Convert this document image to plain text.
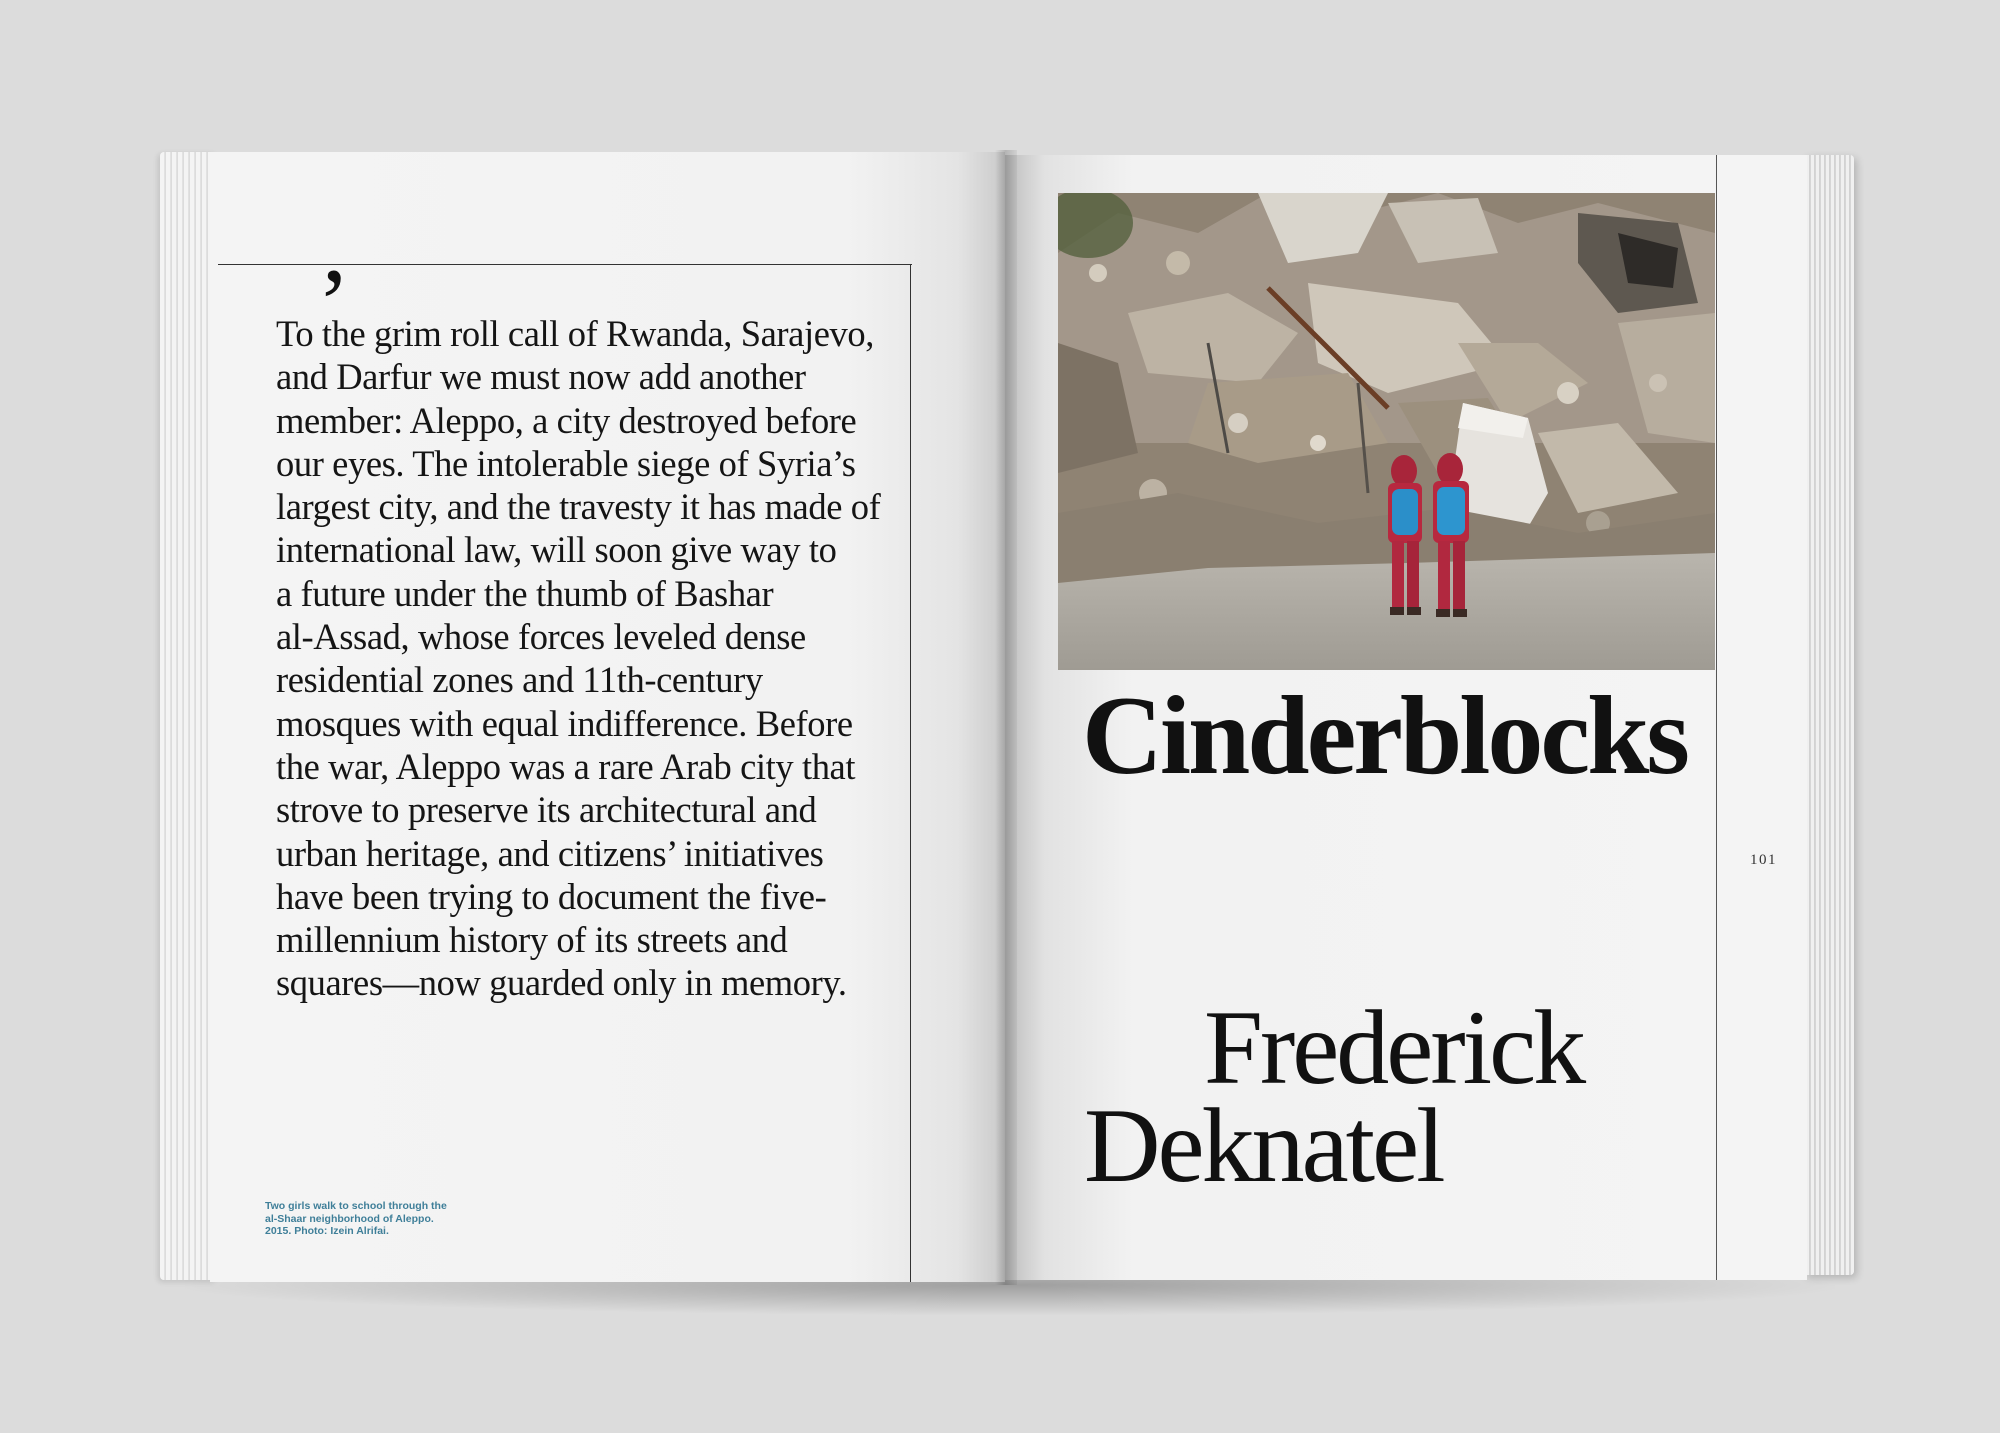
,

To the grim roll call of Rwanda, Sarajevo,
and Darfur we must now add another
member: Aleppo, a city destroyed before
our eyes. The intolerable siege of Syria’s
largest city, and the travesty it has made of
international law, will soon give way to
a future under the thumb of Bashar
al-Assad, whose forces leveled dense
residential zones and 11th-century
mosques with equal indifference. Before
the war, Aleppo was a rare Arab city that
strove to preserve its architectural and
urban heritage, and citizens’ initiatives
have been trying to document the five-
millennium history of its streets and
squares—now guarded only in memory.

Two girls walk to school through the
al-Shaar neighborhood of Aleppo.
2015. Photo: Izein Alrifai.

Cinderblocks
101
Frederick
Deknatel
